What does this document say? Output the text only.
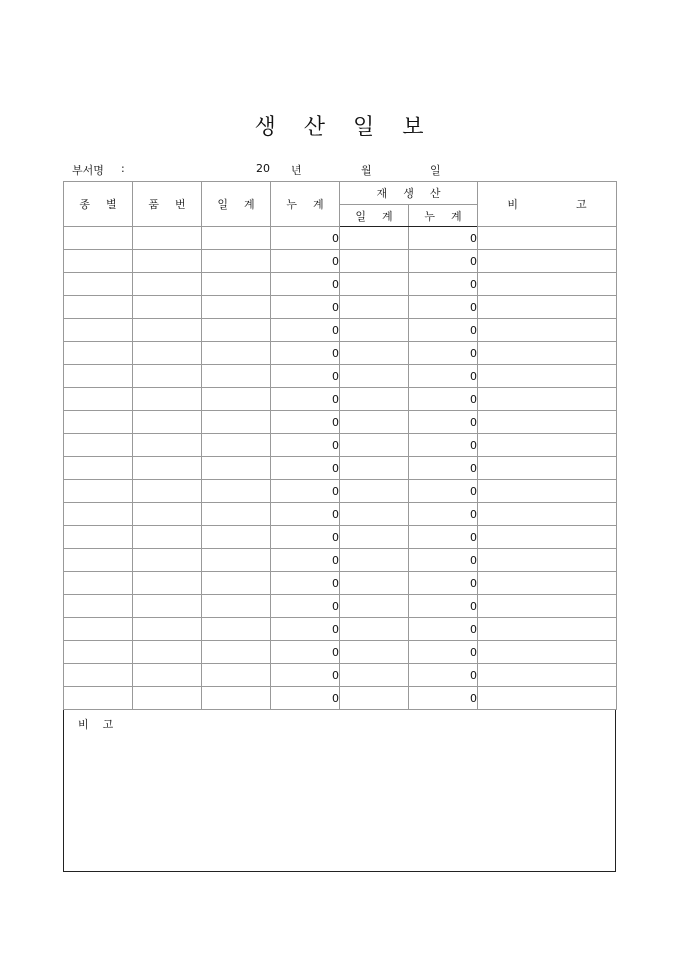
생 산 일 보
부서명 :	20 년	월	일
종 별	품 번	일 계	누 계	재 생 산		비 고
				일 계	누 계	
			0		0	
			0		0	
			0		0	
			0		0	
			0		0	
			0		0	
			0		0	
			0		0	
			0		0	
			0		0	
			0		0	
			0		0	
			0		0	
			0		0	
			0		0	
			0		0	
			0		0	
			0		0	
			0		0	
			0		0	
			0		0	
비 고
